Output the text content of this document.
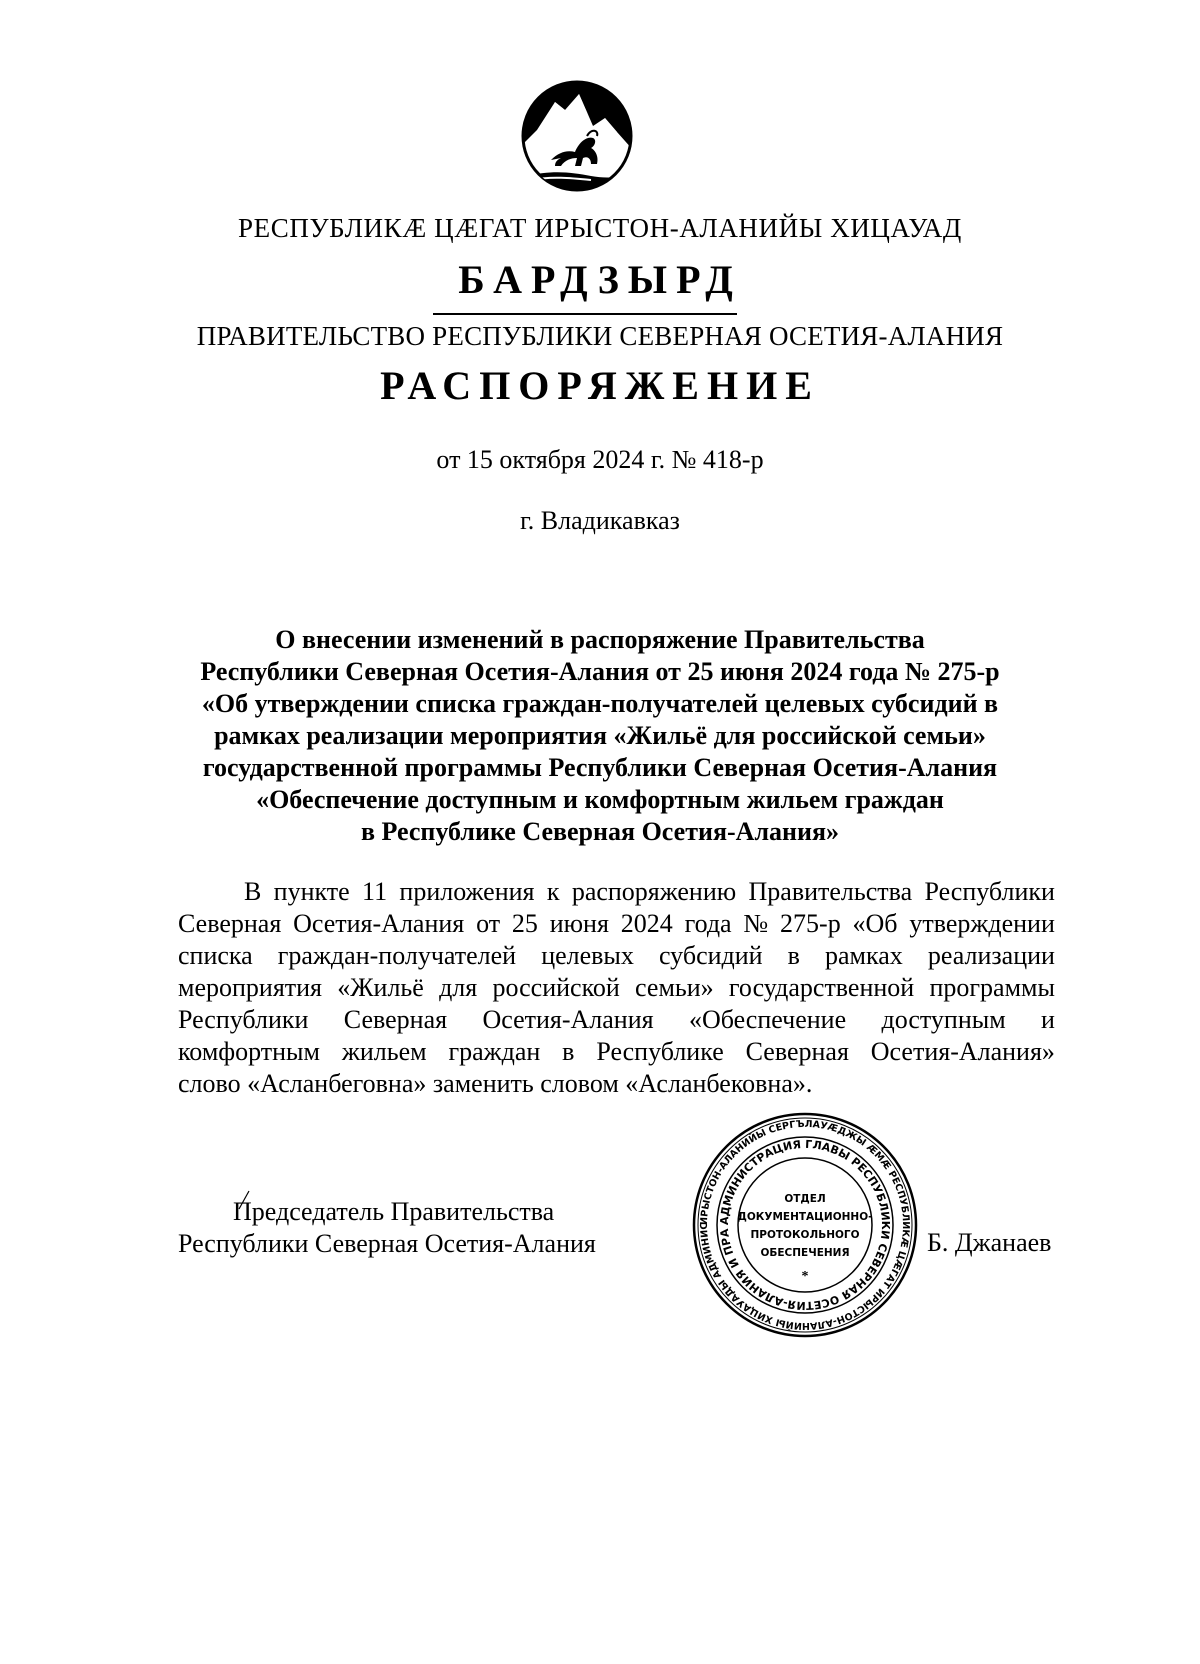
РЕСПУБЛИКÆ ЦÆГАТ ИРЫСТОН-АЛАНИЙЫ ХИЦАУАД
БАРДЗЫРД
ПРАВИТЕЛЬСТВО РЕСПУБЛИКИ СЕВЕРНАЯ ОСЕТИЯ-АЛАНИЯ
РАСПОРЯЖЕНИЕ
от 15 октября 2024 г. № 418-р
г. Владикавказ
О внесении изменений в распоряжение Правительства
Республики Северная Осетия-Алания от 25 июня 2024 года № 275-р
«Об утверждении списка граждан-получателей целевых субсидий в
рамках реализации мероприятия «Жильё для российской семьи»
государственной программы Республики Северная Осетия-Алания
«Обеспечение доступным и комфортным жильем граждан
в Республике Северная Осетия-Алания»
В пункте 11 приложения к распоряжению Правительства Республики
Северная Осетия-Алания от 25 июня 2024 года № 275-р «Об утверждении
списка граждан-получателей целевых субсидий в рамках реализации
мероприятия «Жильё для российской семьи» государственной программы
Республики Северная Осетия-Алания «Обеспечение доступным и
комфортным жильем граждан в Республике Северная Осетия-Алания»
слово «Асланбеговна» заменить словом «Асланбековна».
Председатель Правительства
Республики Северная Осетия-Алания
ИРЫСТОН-АЛАНИЙЫ СЕРГЪЛАУÆДЖЫ ÆМÆ РЕСПУБЛИКÆ ЦÆГАТ ИРЫСТОН-АЛАНИЙЫ ХИЦАУАДЫ АДМИНИС
АДМИНИСТРАЦИЯ ГЛАВЫ РЕСПУБЛИКИ СЕВЕРНАЯ ОСЕТИЯ-АЛАНИЯ И ПРА
ОТДЕЛ
ДОКУМЕНТАЦИОННО-
ПРОТОКОЛЬНОГО
ОБЕСПЕЧЕНИЯ
*
Б. Джанаев
